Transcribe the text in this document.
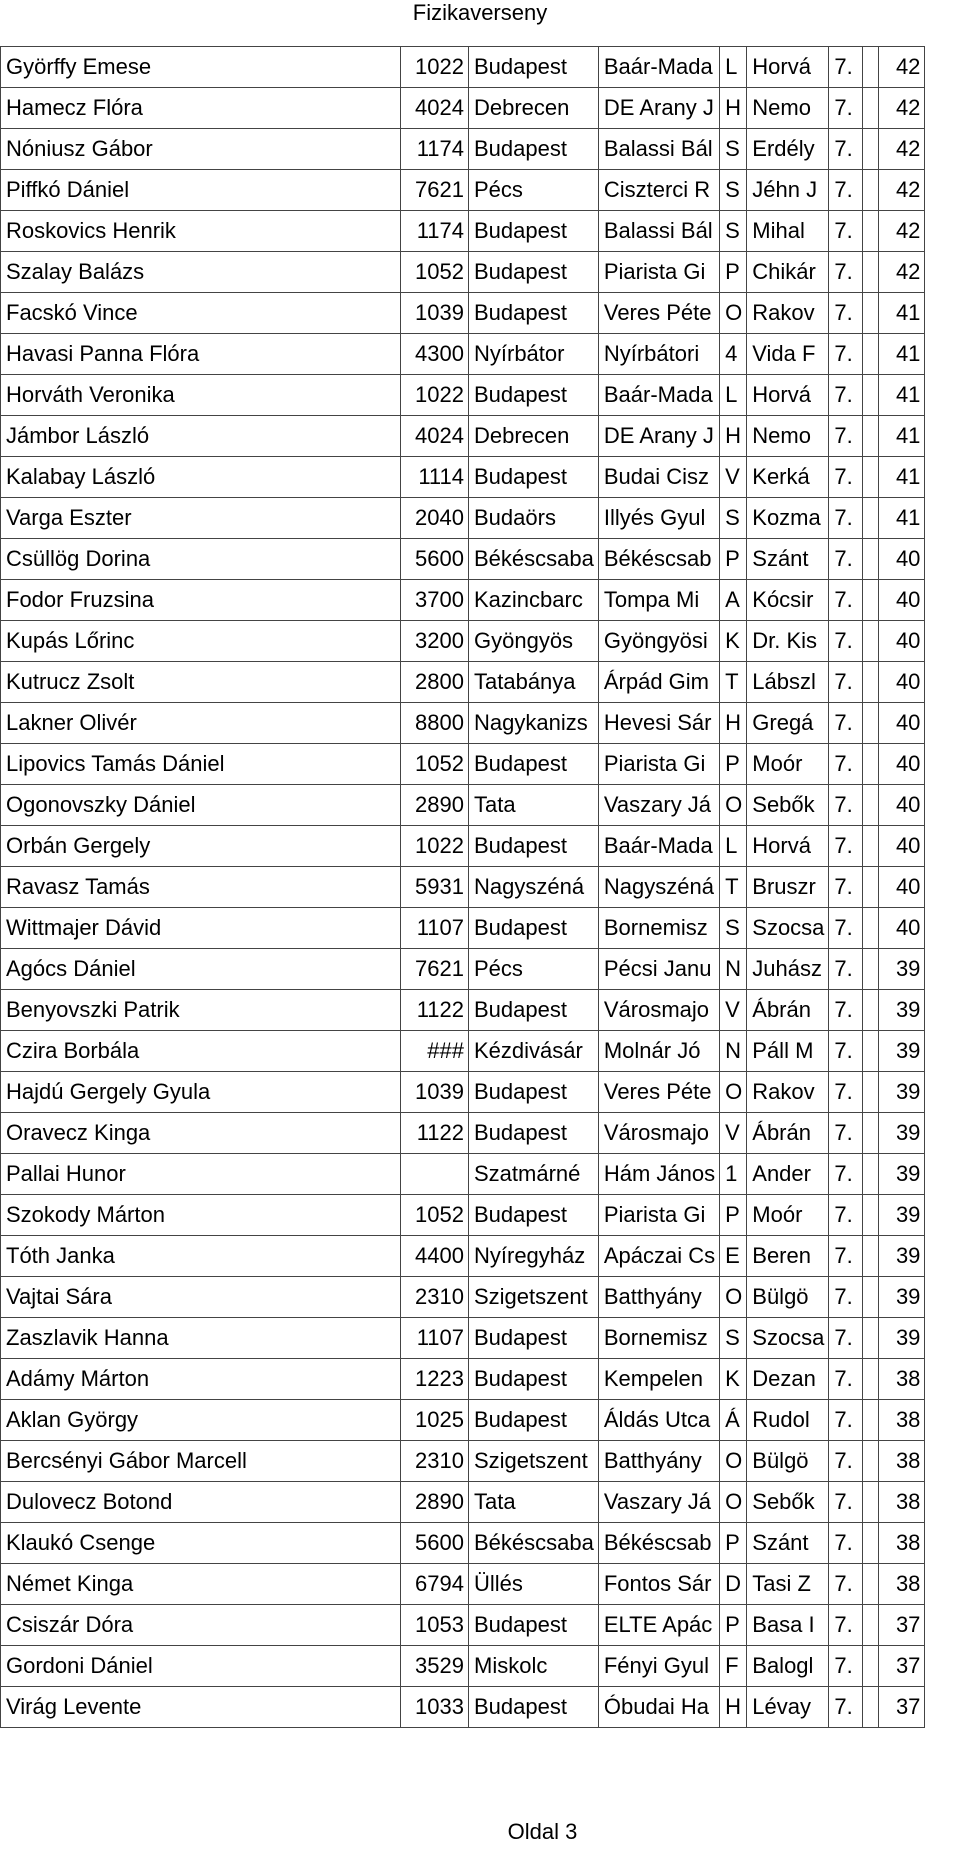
Fizikaverseny
Györffy Emese	1022	Budapest	Baár-Mada	L	Horvá	7.		42
Hamecz Flóra	4024	Debrecen	DE Arany J	H	Nemo	7.		42
Nóniusz Gábor	1174	Budapest	Balassi Bál	S	Erdély	7.		42
Piffkó Dániel	7621	Pécs	Ciszterci R	S	Jéhn J	7.		42
Roskovics Henrik	1174	Budapest	Balassi Bál	S	Mihal	7.		42
Szalay Balázs	1052	Budapest	Piarista Gi	P	Chikár	7.		42
Facskó Vince	1039	Budapest	Veres Péte	O	Rakov	7.		41
Havasi Panna Flóra	4300	Nyírbátor	Nyírbátori	4	Vida F	7.		41
Horváth Veronika	1022	Budapest	Baár-Mada	L	Horvá	7.		41
Jámbor László	4024	Debrecen	DE Arany J	H	Nemo	7.		41
Kalabay László	1114	Budapest	Budai Cisz	V	Kerká	7.		41
Varga Eszter	2040	Budaörs	Illyés Gyul	S	Kozma	7.		41
Csüllög Dorina	5600	Békéscsaba	Békéscsab	P	Szánt	7.		40
Fodor Fruzsina	3700	Kazincbarc	Tompa Mi	A	Kócsir	7.		40
Kupás Lőrinc	3200	Gyöngyös	Gyöngyösi	K	Dr. Kis	7.		40
Kutrucz Zsolt	2800	Tatabánya	Árpád Gim	T	Lábszl	7.		40
Lakner Olivér	8800	Nagykanizs	Hevesi Sár	H	Gregá	7.		40
Lipovics Tamás Dániel	1052	Budapest	Piarista Gi	P	Moór	7.		40
Ogonovszky Dániel	2890	Tata	Vaszary Já	O	Sebők	7.		40
Orbán Gergely	1022	Budapest	Baár-Mada	L	Horvá	7.		40
Ravasz Tamás	5931	Nagyszéná	Nagyszéná	T	Bruszr	7.		40
Wittmajer Dávid	1107	Budapest	Bornemisz	S	Szocsa	7.		40
Agócs Dániel	7621	Pécs	Pécsi Janu	N	Juhász	7.		39
Benyovszki Patrik	1122	Budapest	Városmajo	V	Ábrán	7.		39
Czira Borbála	###	Kézdivásár	Molnár Jó	N	Páll M	7.		39
Hajdú Gergely Gyula	1039	Budapest	Veres Péte	O	Rakov	7.		39
Oravecz Kinga	1122	Budapest	Városmajo	V	Ábrán	7.		39
Pallai Hunor		Szatmárné	Hám János	1	Ander	7.		39
Szokody Márton	1052	Budapest	Piarista Gi	P	Moór	7.		39
Tóth Janka	4400	Nyíregyház	Apáczai Cs	E	Beren	7.		39
Vajtai Sára	2310	Szigetszent	Batthyány	O	Bülgö	7.		39
Zaszlavik Hanna	1107	Budapest	Bornemisz	S	Szocsa	7.		39
Adámy Márton	1223	Budapest	Kempelen	K	Dezan	7.		38
Aklan György	1025	Budapest	Áldás Utca	Á	Rudol	7.		38
Bercsényi Gábor Marcell	2310	Szigetszent	Batthyány	O	Bülgö	7.		38
Dulovecz Botond	2890	Tata	Vaszary Já	O	Sebők	7.		38
Klaukó Csenge	5600	Békéscsaba	Békéscsab	P	Szánt	7.		38
Német Kinga	6794	Üllés	Fontos Sár	D	Tasi Z	7.		38
Csiszár Dóra	1053	Budapest	ELTE Apác	P	Basa I	7.		37
Gordoni Dániel	3529	Miskolc	Fényi Gyul	F	Balogl	7.		37
Virág Levente	1033	Budapest	Óbudai Ha	H	Lévay	7.		37
Oldal 3
